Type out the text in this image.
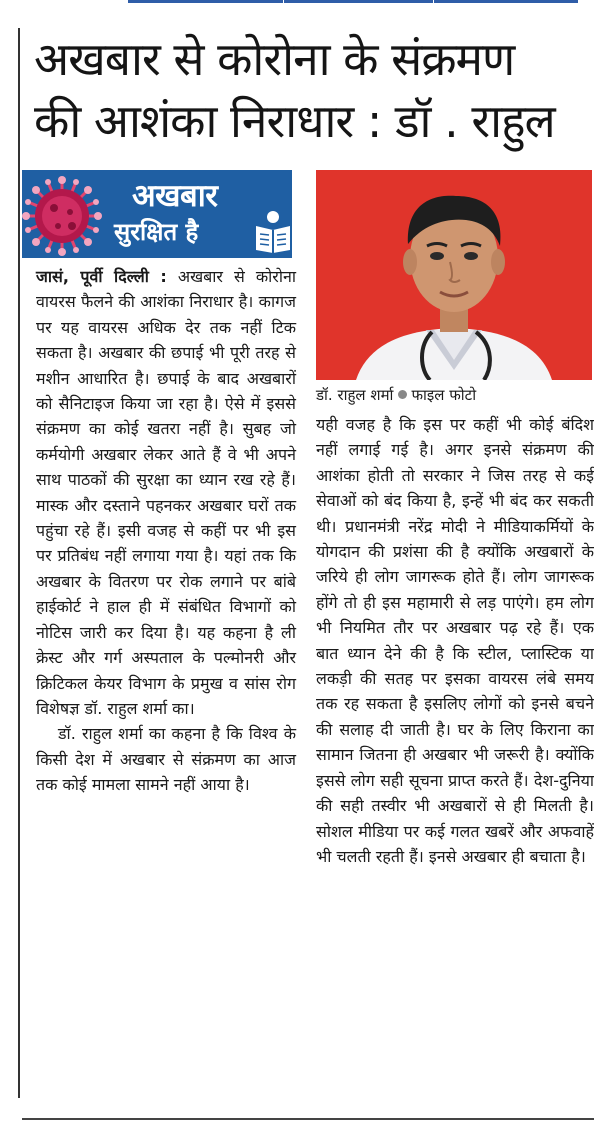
अखबार से कोरोना के संक्रमण
की आशंका निराधार : डॉ . राहुल
अखबार
सुरक्षित है
डॉ. राहुल शर्मा फाइल फोटो

जासं, पूर्वी दिल्ली : अखबार से कोरोना वायरस फैलने की आशंका निराधार है। कागज पर यह वायरस अधिक देर तक नहीं टिक सकता है। अखबार की छपाई भी पूरी तरह से मशीन आधारित है। छपाई के बाद अखबारों को सैनिटाइज किया जा रहा है। ऐसे में इससे संक्रमण का कोई खतरा नहीं है। सुबह जो कर्मयोगी अखबार लेकर आते हैं वे भी अपने साथ पाठकों की सुरक्षा का ध्यान रख रहे हैं। मास्क और दस्ताने पहनकर अखबार घरों तक पहुंचा रहे हैं। इसी वजह से कहीं पर भी इस पर प्रतिबंध नहीं लगाया गया है। यहां तक कि अखबार के वितरण पर रोक लगाने पर बांबे हाईकोर्ट ने हाल ही में संबंधित विभागों को नोटिस जारी कर दिया है। यह कहना है ली क्रेस्ट और गर्ग अस्पताल के पल्मोनरी और क्रिटिकल केयर विभाग के प्रमुख व सांस रोग विशेषज्ञ डॉ. राहुल शर्मा का।

डॉ. राहुल शर्मा का कहना है कि विश्व के किसी देश में अखबार से संक्रमण का आज तक कोई मामला सामने नहीं आया है।

यही वजह है कि इस पर कहीं भी कोई बंदिश नहीं लगाई गई है। अगर इनसे संक्रमण की आशंका होती तो सरकार ने जिस तरह से कई सेवाओं को बंद किया है, इन्हें भी बंद कर सकती थी। प्रधानमंत्री नरेंद्र मोदी ने मीडियाकर्मियों के योगदान की प्रशंसा की है क्योंकि अखबारों के जरिये ही लोग जागरूक होते हैं। लोग जागरूक होंगे तो ही इस महामारी से लड़ पाएंगे। हम लोग भी नियमित तौर पर अखबार पढ़ रहे हैं। एक बात ध्यान देने की है कि स्टील, प्लास्टिक या लकड़ी की सतह पर इसका वायरस लंबे समय तक रह सकता है इसलिए लोगों को इनसे बचने की सलाह दी जाती है। घर के लिए किराना का सामान जितना ही अखबार भी जरूरी है। क्योंकि इससे लोग सही सूचना प्राप्त करते हैं। देश-दुनिया की सही तस्वीर भी अखबारों से ही मिलती है। सोशल मीडिया पर कई गलत खबरें और अफवाहें भी चलती रहती हैं। इनसे अखबार ही बचाता है।
